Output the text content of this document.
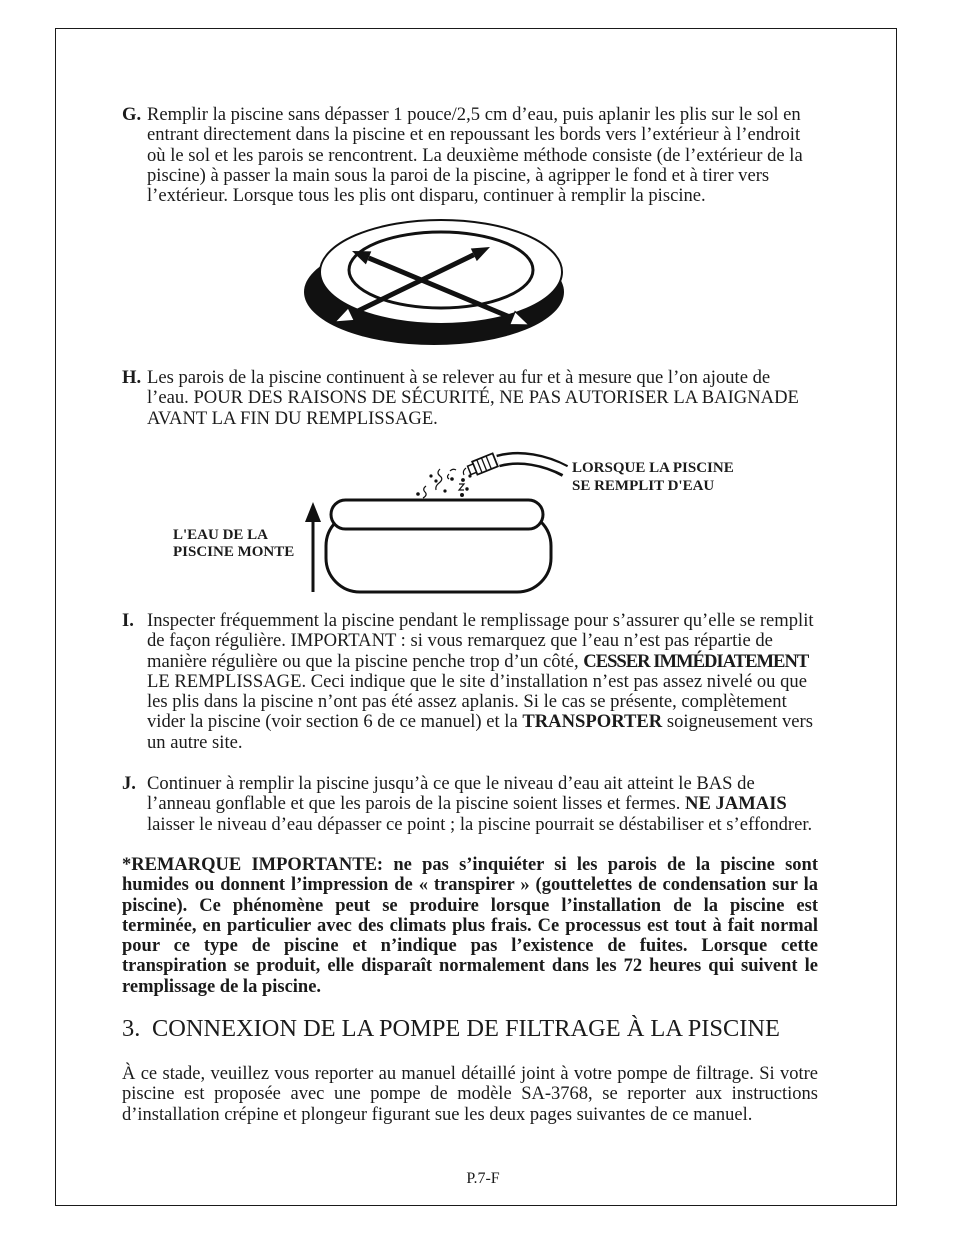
G. Remplir la piscine sans dépasser 1 pouce/2,5 cm d’eau, puis aplanir les plis sur le sol en
entrant directement dans la piscine et en repoussant les bords vers l’extérieur à l’endroit
où le sol et les parois se rencontrent. La deuxième méthode consiste (de l’extérieur de la
piscine) à passer la main sous la paroi de la piscine, à agripper le fond et à tirer vers
l’extérieur. Lorsque tous les plis ont disparu, continuer à remplir la piscine.
H. Les parois de la piscine continuent à se relever au fur et à mesure que l’on ajoute de
l’eau. POUR DES RAISONS DE SÉCURITÉ, NE PAS AUTORISER LA BAIGNADE
AVANT LA FIN DU REMPLISSAGE.
LORSQUE LA PISCINE
SE REMPLIT D'EAU
L'EAU DE LA
PISCINE MONTE
I. Inspecter fréquemment la piscine pendant le remplissage pour s’assurer qu’elle se remplit
de façon régulière. IMPORTANT : si vous remarquez que l’eau n’est pas répartie de
manière régulière ou que la piscine penche trop d’un côté, CESSER IMMÉDIATEMENT
LE REMPLISSAGE. Ceci indique que le site d’installation n’est pas assez nivelé ou que
les plis dans la piscine n’ont pas été assez aplanis. Si le cas se présente, complètement
vider la piscine (voir section 6 de ce manuel) et la TRANSPORTER soigneusement vers
un autre site.
J. Continuer à remplir la piscine jusqu’à ce que le niveau d’eau ait atteint le BAS de
l’anneau gonflable et que les parois de la piscine soient lisses et fermes. NE JAMAIS
laisser le niveau d’eau dépasser ce point ; la piscine pourrait se déstabiliser et s’effondrer.
*REMARQUE IMPORTANTE: ne pas s’inquiéter si les parois de la piscine sont
humides ou donnent l’impression de « transpirer » (gouttelettes de condensation sur la
piscine). Ce phénomène peut se produire lorsque l’installation de la piscine est
terminée, en particulier avec des climats plus frais. Ce processus est tout à fait normal
pour ce type de piscine et n’indique pas l’existence de fuites. Lorsque cette
transpiration se produit, elle disparaît normalement dans les 72 heures qui suivent le
remplissage de la piscine.
3. CONNEXION DE LA POMPE DE FILTRAGE À LA PISCINE
À ce stade, veuillez vous reporter au manuel détaillé joint à votre pompe de filtrage. Si votre
piscine est proposée avec une pompe de modèle SA-3768, se reporter aux instructions
d’installation crépine et plongeur figurant sue les deux pages suivantes de ce manuel.
P.7-F
